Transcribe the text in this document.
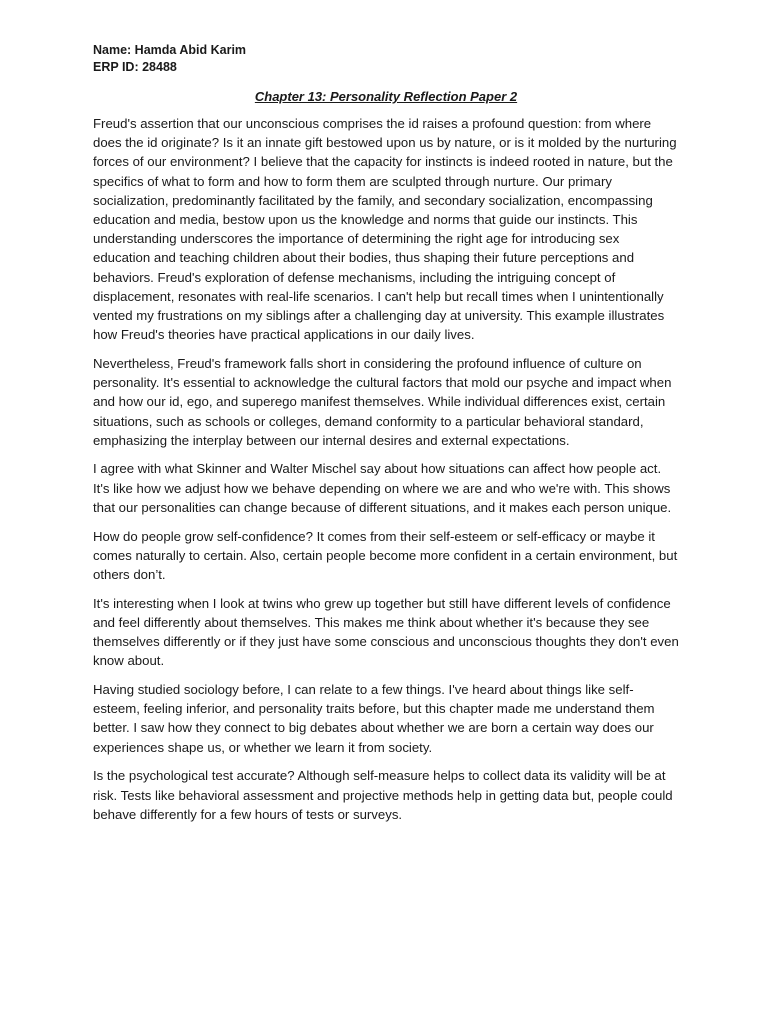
Name: Hamda Abid Karim

ERP ID: 28488

Chapter 13: Personality Reflection Paper 2

Freud's assertion that our unconscious comprises the id raises a profound question: from where does the id originate? Is it an innate gift bestowed upon us by nature, or is it molded by the nurturing forces of our environment? I believe that the capacity for instincts is indeed rooted in nature, but the specifics of what to form and how to form them are sculpted through nurture. Our primary socialization, predominantly facilitated by the family, and secondary socialization, encompassing education and media, bestow upon us the knowledge and norms that guide our instincts. This understanding underscores the importance of determining the right age for introducing sex education and teaching children about their bodies, thus shaping their future perceptions and behaviors. Freud's exploration of defense mechanisms, including the intriguing concept of displacement, resonates with real-life scenarios. I can't help but recall times when I unintentionally vented my frustrations on my siblings after a challenging day at university. This example illustrates how Freud's theories have practical applications in our daily lives.

Nevertheless, Freud's framework falls short in considering the profound influence of culture on personality. It's essential to acknowledge the cultural factors that mold our psyche and impact when and how our id, ego, and superego manifest themselves. While individual differences exist, certain situations, such as schools or colleges, demand conformity to a particular behavioral standard, emphasizing the interplay between our internal desires and external expectations.

I agree with what Skinner and Walter Mischel say about how situations can affect how people act. It's like how we adjust how we behave depending on where we are and who we're with. This shows that our personalities can change because of different situations, and it makes each person unique.

How do people grow self-confidence? It comes from their self-esteem or self-efficacy or maybe it comes naturally to certain. Also, certain people become more confident in a certain environment, but others don’t.

It's interesting when I look at twins who grew up together but still have different levels of confidence and feel differently about themselves. This makes me think about whether it's because they see themselves differently or if they just have some conscious and unconscious thoughts they don't even know about.

Having studied sociology before, I can relate to a few things. I've heard about things like self-esteem, feeling inferior, and personality traits before, but this chapter made me understand them better. I saw how they connect to big debates about whether we are born a certain way does our experiences shape us, or whether we learn it from society.

Is the psychological test accurate? Although self-measure helps to collect data its validity will be at risk. Tests like behavioral assessment and projective methods help in getting data but, people could behave differently for a few hours of tests or surveys.
